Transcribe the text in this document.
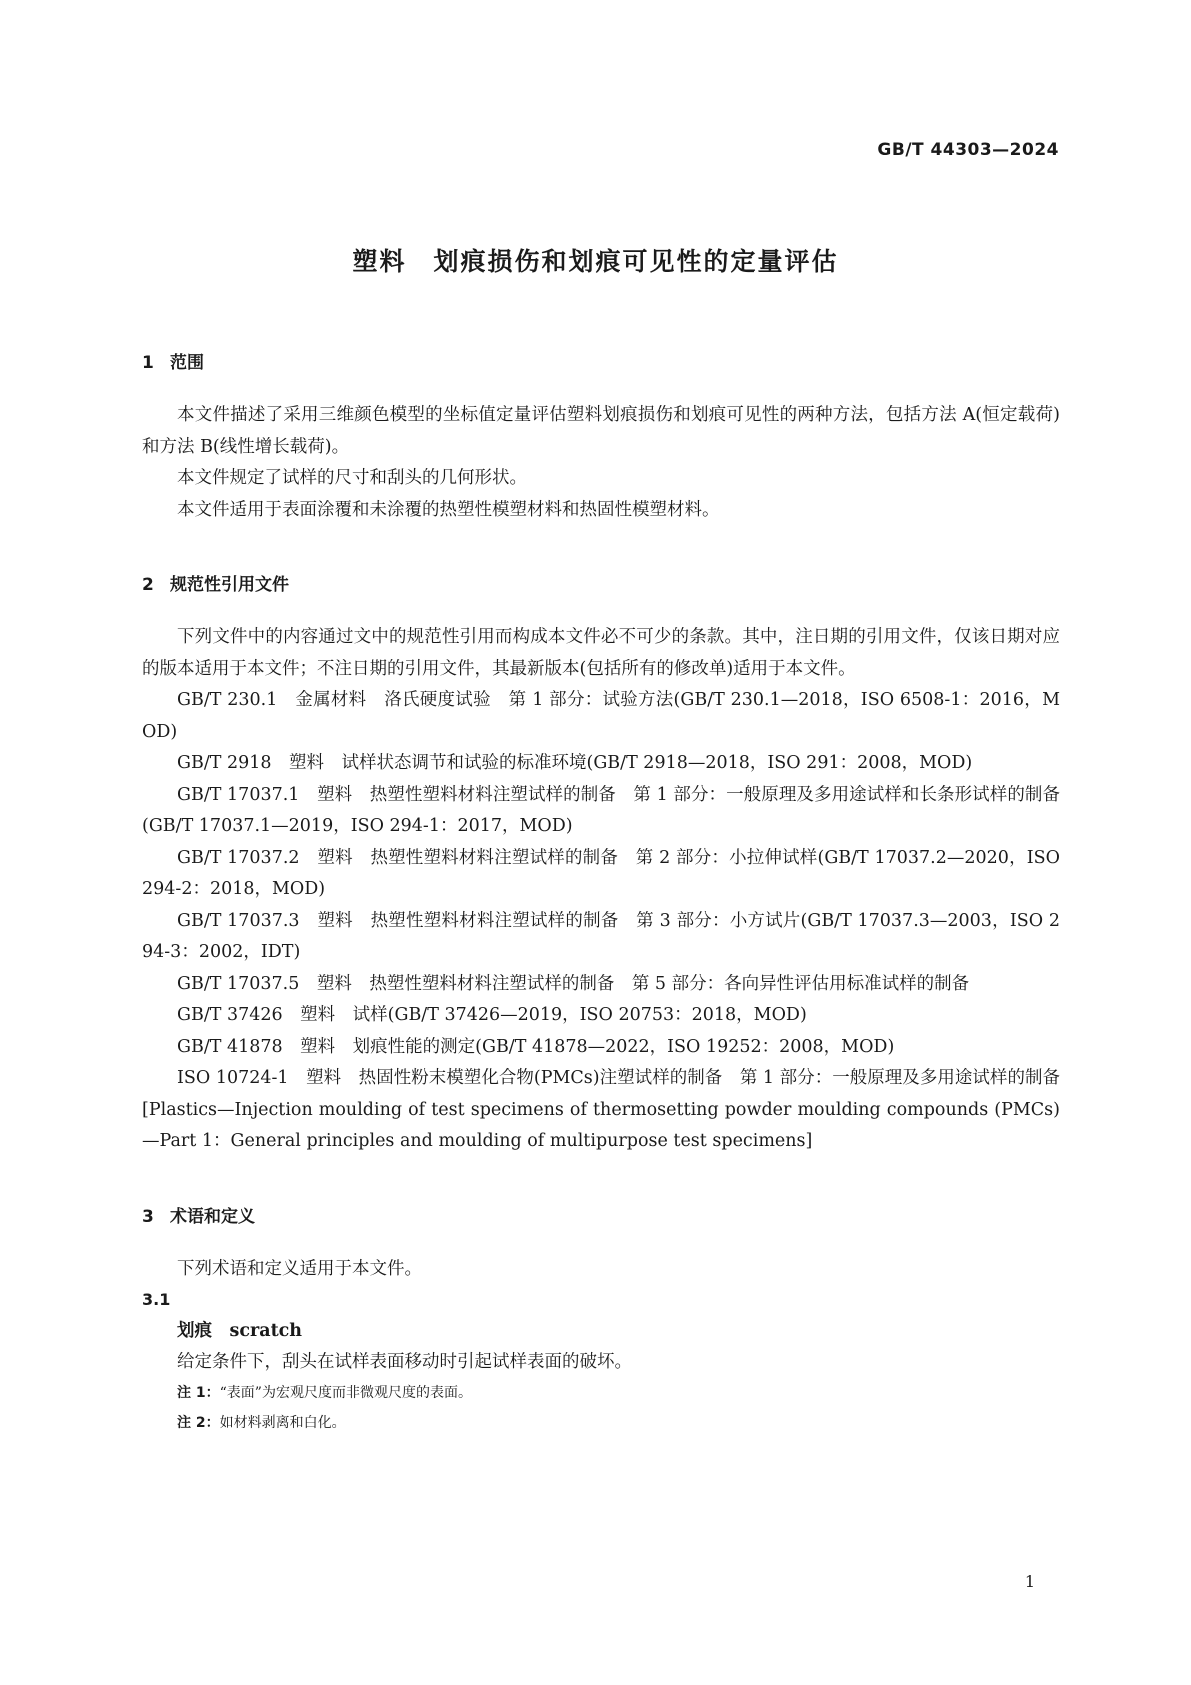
GB/T 44303—2024
塑料　划痕损伤和划痕可见性的定量评估
1 范围

本文件描述了采用三维颜色模型的坐标值定量评估塑料划痕损伤和划痕可见性的两种方法，包括方法 A(恒定载荷)和方法 B(线性增长载荷)。

本文件规定了试样的尺寸和刮头的几何形状。

本文件适用于表面涂覆和未涂覆的热塑性模塑材料和热固性模塑材料。

2 规范性引用文件

下列文件中的内容通过文中的规范性引用而构成本文件必不可少的条款。其中，注日期的引用文件，仅该日期对应的版本适用于本文件；不注日期的引用文件，其最新版本(包括所有的修改单)适用于本文件。

GB/T 230.1　金属材料　洛氏硬度试验　第 1 部分：试验方法(GB/T 230.1—2018，ISO 6508-1：2016，MOD)

GB/T 2918　塑料　试样状态调节和试验的标准环境(GB/T 2918—2018，ISO 291：2008，MOD)

GB/T 17037.1　塑料　热塑性塑料材料注塑试样的制备　第 1 部分：一般原理及多用途试样和长条形试样的制备(GB/T 17037.1—2019，ISO 294-1：2017，MOD)

GB/T 17037.2　塑料　热塑性塑料材料注塑试样的制备　第 2 部分：小拉伸试样(GB/T 17037.2—2020，ISO 294-2：2018，MOD)

GB/T 17037.3　塑料　热塑性塑料材料注塑试样的制备　第 3 部分：小方试片(GB/T 17037.3—2003，ISO 294-3：2002，IDT)

GB/T 17037.5　塑料　热塑性塑料材料注塑试样的制备　第 5 部分：各向异性评估用标准试样的制备

GB/T 37426　塑料　试样(GB/T 37426—2019，ISO 20753：2018，MOD)

GB/T 41878　塑料　划痕性能的测定(GB/T 41878—2022，ISO 19252：2008，MOD)

ISO 10724-1　塑料　热固性粉末模塑化合物(PMCs)注塑试样的制备　第 1 部分：一般原理及多用途试样的制备[Plastics—Injection moulding of test specimens of thermosetting powder moulding compounds (PMCs)—Part 1：General principles and moulding of multipurpose test specimens]

3 术语和定义

下列术语和定义适用于本文件。

3.1

划痕　scratch

给定条件下，刮头在试样表面移动时引起试样表面的破坏。

注 1：“表面”为宏观尺度而非微观尺度的表面。

注 2：如材料剥离和白化。

1
